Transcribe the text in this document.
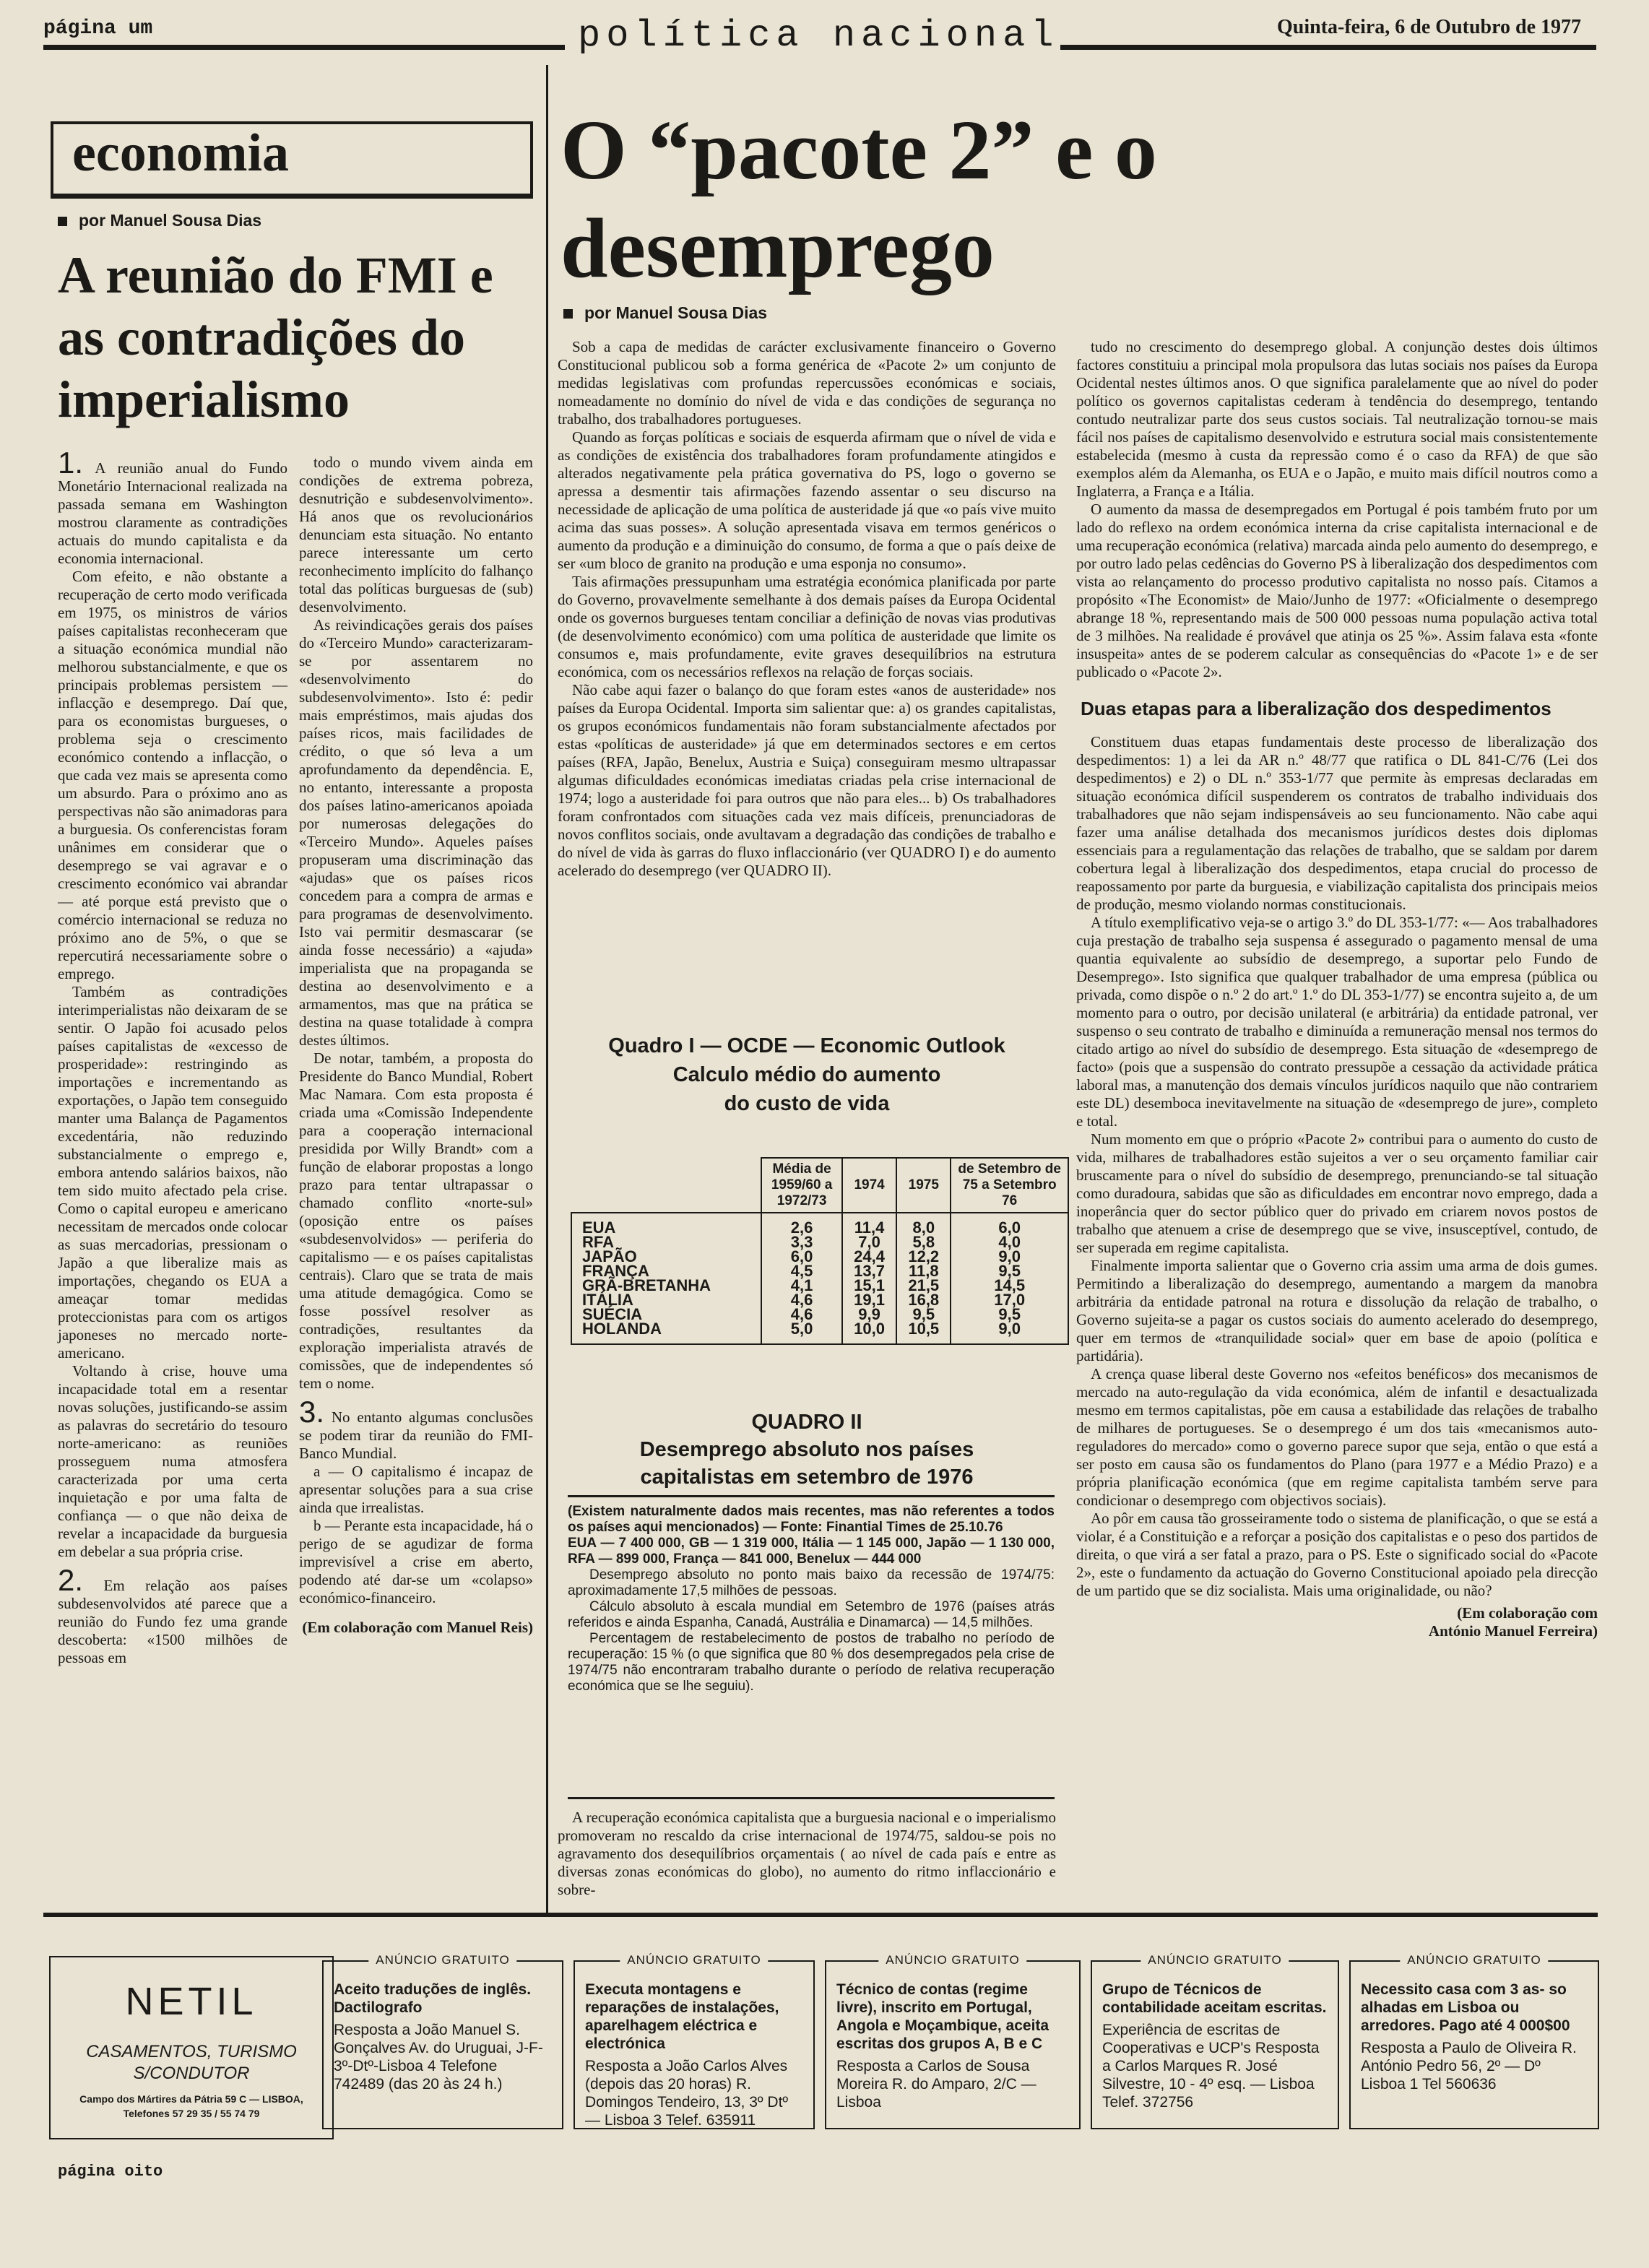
página um	política nacional	Quinta-feira, 6 de Outubro de 1977
economia
por Manuel Sousa Dias
A reunião do FMI e as contradições do imperialismo

1. A reunião anual do Fundo Monetário Internacional realizada na passada semana em Washington mostrou claramente as contradições actuais do mundo capitalista e da economia internacional.

Com efeito, e não obstante a recuperação de certo modo verificada em 1975, os ministros de vários países capitalistas reconheceram que a situação económica mundial não melhorou substancialmente, e que os principais problemas persistem — inflacção e desemprego. Daí que, para os economistas burgueses, o problema seja o crescimento económico contendo a inflacção, o que cada vez mais se apresenta como um absurdo. Para o próximo ano as perspectivas não são animadoras para a burguesia. Os conferencistas foram unânimes em considerar que o desemprego se vai agravar e o crescimento económico vai abrandar — até porque está previsto que o comércio internacional se reduza no próximo ano de 5%, o que se repercutirá necessariamente sobre o emprego.

Também as contradições interimperialistas não deixaram de se sentir. O Japão foi acusado pelos países capitalistas de «excesso de prosperidade»: restringindo as importações e incrementando as exportações, o Japão tem conseguido manter uma Balança de Pagamentos excedentária, não reduzindo substancialmente o emprego e, embora antendo salários baixos, não tem sido muito afectado pela crise. Como o capital europeu e americano necessitam de mercados onde colocar as suas mercadorias, pressionam o Japão a que liberalize mais as importações, chegando os EUA a ameaçar tomar medidas proteccionistas para com os artigos japoneses no mercado norte-americano.

Voltando à crise, houve uma incapacidade total em a resentar novas soluções, justificando-se assim as palavras do secretário do tesouro norte-americano: as reuniões prosseguem numa atmosfera caracterizada por uma certa inquietação e por uma falta de confiança — o que não deixa de revelar a incapacidade da burguesia em debelar a sua própria crise.

2. Em relação aos países subdesenvolvidos até parece que a reunião do Fundo fez uma grande descoberta: «1500 milhões de pessoas em

todo o mundo vivem ainda em condições de extrema pobreza, desnutrição e subdesenvolvimento». Há anos que os revolucionários denunciam esta situação. No entanto parece interessante um certo reconhecimento implícito do falhanço total das políticas burguesas de (sub) desenvolvimento.

As reivindicações gerais dos países do «Terceiro Mundo» caracterizaram-se por assentarem no «desenvolvimento do subdesenvolvimento». Isto é: pedir mais empréstimos, mais ajudas dos países ricos, mais facilidades de crédito, o que só leva a um aprofundamento da dependência. E, no entanto, interessante a proposta dos países latino-americanos apoiada por numerosas delegações do «Terceiro Mundo». Aqueles países propuseram uma discriminação das «ajudas» que os países ricos concedem para a compra de armas e para programas de desenvolvimento. Isto vai permitir desmascarar (se ainda fosse necessário) a «ajuda» imperialista que na propaganda se destina ao desenvolvimento e a armamentos, mas que na prática se destina na quase totalidade à compra destes últimos.

De notar, também, a proposta do Presidente do Banco Mundial, Robert Mac Namara. Com esta proposta é criada uma «Comissão Independente para a cooperação internacional presidida por Willy Brandt» com a função de elaborar propostas a longo prazo para tentar ultrapassar o chamado conflito «norte-sul» (oposição entre os países «subdesenvolvidos» — periferia do capitalismo — e os países capitalistas centrais). Claro que se trata de mais uma atitude demagógica. Como se fosse possível resolver as contradições, resultantes da exploração imperialista através de comissões, que de independentes só tem o nome.

3. No entanto algumas conclusões se podem tirar da reunião do FMI-Banco Mundial.

a — O capitalismo é incapaz de apresentar soluções para a sua crise ainda que irrealistas.

b — Perante esta incapacidade, há o perigo de se agudizar de forma imprevisível a crise em aberto, podendo até dar-se um «colapso» económico-financeiro.

(Em colaboração com Manuel Reis)

O “pacote 2” e o desemprego
por Manuel Sousa Dias

Sob a capa de medidas de carácter exclusivamente financeiro o Governo Constitucional publicou sob a forma genérica de «Pacote 2» um conjunto de medidas legislativas com profundas repercussões económicas e sociais, nomeadamente no domínio do nível de vida e das condições de segurança no trabalho, dos trabalhadores portugueses.

Quando as forças políticas e sociais de esquerda afirmam que o nível de vida e as condições de existência dos trabalhadores foram profundamente atingidos e alterados negativamente pela prática governativa do PS, logo o governo se apressa a desmentir tais afirmações fazendo assentar o seu discurso na necessidade de aplicação de uma política de austeridade já que «o país vive muito acima das suas posses». A solução apresentada visava em termos genéricos o aumento da produção e a diminuição do consumo, de forma a que o país deixe de ser «um bloco de granito na produção e uma esponja no consumo».

Tais afirmações pressupunham uma estratégia económica planificada por parte do Governo, provavelmente semelhante à dos demais países da Europa Ocidental onde os governos burgueses tentam conciliar a definição de novas vias produtivas (de desenvolvimento económico) com uma política de austeridade que limite os consumos e, mais profundamente, evite graves desequilíbrios na estrutura económica, com os necessários reflexos na relação de forças sociais.

Não cabe aqui fazer o balanço do que foram estes «anos de austeridade» nos países da Europa Ocidental. Importa sim salientar que: a) os grandes capitalistas, os grupos económicos fundamentais não foram substancialmente afectados por estas «políticas de austeridade» já que em determinados sectores e em certos países (RFA, Japão, Benelux, Austria e Suiça) conseguiram mesmo ultrapassar algumas dificuldades económicas imediatas criadas pela crise internacional de 1974; logo a austeridade foi para outros que não para eles... b) Os trabalhadores foram confrontados com situações cada vez mais difíceis, prenunciadoras de novos conflitos sociais, onde avultavam a degradação das condições de trabalho e do nível de vida às garras do fluxo inflaccionário (ver QUADRO I) e do aumento acelerado do desemprego (ver QUADRO II).

Quadro I — OCDE — Economic Outlook
Calculo médio do aumento
do custo de vida
	Média de 1959/60 a 1972/73	1974	1975	de Setembro de 75 a Setembro 76
EUA	2,6	11,4	8,0	6,0
RFA	3,3	7,0	5,8	4,0
JAPÃO	6,0	24,4	12,2	9,0
FRANÇA	4,5	13,7	11,8	9,5
GRÃ-BRETANHA	4,1	15,1	21,5	14,5
ITÁLIA	4,6	19,1	16,8	17,0
SUÉCIA	4,6	9,9	9,5	9,5
HOLANDA	5,0	10,0	10,5	9,0
QUADRO II
Desemprego absoluto nos países
capitalistas em setembro de 1976
(Existem naturalmente dados mais recentes, mas não referentes a todos os países aqui mencionados) — Fonte: Finantial Times de 25.10.76
EUA — 7 400 000, GB — 1 319 000, Itália — 1 145 000, Japão — 1 130 000, RFA — 899 000, França — 841 000, Benelux — 444 000
Desemprego absoluto no ponto mais baixo da recessão de 1974/75: aproximadamente 17,5 milhões de pessoas.
Cálculo absoluto à escala mundial em Setembro de 1976 (países atrás referidos e ainda Espanha, Canadá, Austrália e Dinamarca) — 14,5 milhões.
Percentagem de restabelecimento de postos de trabalho no período de recuperação: 15 % (o que significa que 80 % dos desempregados pela crise de 1974/75 não encontraram trabalho durante o período de relativa recuperação económica que se lhe seguiu).

A recuperação económica capitalista que a burguesia nacional e o imperialismo promoveram no rescaldo da crise internacional de 1974/75, saldou-se pois no agravamento dos desequilíbrios orçamentais ( ao nível de cada país e entre as diversas zonas económicas do globo), no aumento do ritmo inflaccionário e sobre-

tudo no crescimento do desemprego global. A conjunção destes dois últimos factores constituiu a principal mola propulsora das lutas sociais nos países da Europa Ocidental nestes últimos anos. O que significa paralelamente que ao nível do poder político os governos capitalistas cederam à tendência do desemprego, tentando contudo neutralizar parte dos seus custos sociais. Tal neutralização tornou-se mais fácil nos países de capitalismo desenvolvido e estrutura social mais consistentemente estabelecida (mesmo à custa da repressão como é o caso da RFA) de que são exemplos além da Alemanha, os EUA e o Japão, e muito mais difícil noutros como a Inglaterra, a França e a Itália.

O aumento da massa de desempregados em Portugal é pois também fruto por um lado do reflexo na ordem económica interna da crise capitalista internacional e de uma recuperação económica (relativa) marcada ainda pelo aumento do desemprego, e por outro lado pelas cedências do Governo PS à liberalização dos despedimentos com vista ao relançamento do processo produtivo capitalista no nosso país. Citamos a propósito «The Economist» de Maio/Junho de 1977: «Oficialmente o desemprego abrange 18 %, representando mais de 500 000 pessoas numa população activa total de 3 milhões. Na realidade é provável que atinja os 25 %». Assim falava esta «fonte insuspeita» antes de se poderem calcular as consequências do «Pacote 1» e de ser publicado o «Pacote 2».

Duas etapas para a liberalização dos despedimentos

Constituem duas etapas fundamentais deste processo de liberalização dos despedimentos: 1) a lei da AR n.º 48/77 que ratifica o DL 841-C/76 (Lei dos despedimentos) e 2) o DL n.º 353-1/77 que permite às empresas declaradas em situação económica difícil suspenderem os contratos de trabalho individuais dos trabalhadores que não sejam indispensáveis ao seu funcionamento. Não cabe aqui fazer uma análise detalhada dos mecanismos jurídicos destes dois diplomas essenciais para a regulamentação das relações de trabalho, que se saldam por darem cobertura legal à liberalização dos despedimentos, etapa crucial do processo de reapossamento por parte da burguesia, e viabilização capitalista dos principais meios de produção, mesmo violando normas constitucionais.

A título exemplificativo veja-se o artigo 3.º do DL 353-1/77: «— Aos trabalhadores cuja prestação de trabalho seja suspensa é assegurado o pagamento mensal de uma quantia equivalente ao subsídio de desemprego, a suportar pelo Fundo de Desemprego». Isto significa que qualquer trabalhador de uma empresa (pública ou privada, como dispõe o n.º 2 do art.º 1.º do DL 353-1/77) se encontra sujeito a, de um momento para o outro, por decisão unilateral (e arbitrária) da entidade patronal, ver suspenso o seu contrato de trabalho e diminuída a remuneração mensal nos termos do citado artigo ao nível do subsídio de desemprego. Esta situação de «desemprego de facto» (pois que a suspensão do contrato pressupõe a cessação da actividade prática laboral mas, a manutenção dos demais vínculos jurídicos naquilo que não contrariem este DL) desemboca inevitavelmente na situação de «desemprego de jure», completo e total.

Num momento em que o próprio «Pacote 2» contribui para o aumento do custo de vida, milhares de trabalhadores estão sujeitos a ver o seu orçamento familiar cair bruscamente para o nível do subsídio de desemprego, prenunciando-se tal situação como duradoura, sabidas que são as dificuldades em encontrar novo emprego, dada a inoperância quer do sector público quer do privado em criarem novos postos de trabalho que atenuem a crise de desemprego que se vive, insusceptível, contudo, de ser superada em regime capitalista.

Finalmente importa salientar que o Governo cria assim uma arma de dois gumes. Permitindo a liberalização do desemprego, aumentando a margem da manobra arbitrária da entidade patronal na rotura e dissolução da relação de trabalho, o Governo sujeita-se a pagar os custos sociais do aumento acelerado do desemprego, quer em termos de «tranquilidade social» quer em base de apoio (política e partidária).

A crença quase liberal deste Governo nos «efeitos benéficos» dos mecanismos de mercado na auto-regulação da vida económica, além de infantil e desactualizada mesmo em termos capitalistas, põe em causa a estabilidade das relações de trabalho de milhares de portugueses. Se o desemprego é um dos tais «mecanismos auto-reguladores do mercado» como o governo parece supor que seja, então o que está a ser posto em causa são os fundamentos do Plano (para 1977 e a Médio Prazo) e a própria planificação económica (que em regime capitalista também serve para condicionar o desemprego com objectivos sociais).

Ao pôr em causa tão grosseiramente todo o sistema de planificação, o que se está a violar, é a Constituição e a reforçar a posição dos capitalistas e o peso dos partidos de direita, o que virá a ser fatal a prazo, para o PS. Este o significado social do «Pacote 2», este o fundamento da actuação do Governo Constitucional apoiado pela direcção de um partido que se diz socialista. Mais uma originalidade, ou não?

(Em colaboração com
António Manuel Ferreira)
NETIL
CASAMENTOS, TURISMO
S/CONDUTOR
Campo dos Mártires da Pátria 59 C — LISBOA, Telefones 57 29 35 / 55 74 79
ANÚNCIO GRATUITO
Aceito traduções de inglês. Dactilografo
Resposta a João Manuel S. Gonçalves Av. do Uruguai, J-F-3º-Dtº-Lisboa 4 Telefone 742489 (das 20 às 24 h.)
ANÚNCIO GRATUITO
Executa montagens e reparações de instalações, aparelhagem eléctrica e electrónica
Resposta a João Carlos Alves (depois das 20 horas) R. Domingos Tendeiro, 13, 3º Dtº — Lisboa 3 Telef. 635911
ANÚNCIO GRATUITO
Técnico de contas (regime livre), inscrito em Portugal, Angola e Moçambique, aceita escritas dos grupos A, B e C
Resposta a Carlos de Sousa Moreira R. do Amparo, 2/C — Lisboa
ANÚNCIO GRATUITO
Grupo de Técnicos de contabilidade aceitam escritas.
Experiência de escritas de Cooperativas e UCP's Resposta a Carlos Marques R. José Silvestre, 10 - 4º esq. — Lisboa Telef. 372756
ANÚNCIO GRATUITO
Necessito casa com 3 as- so alhadas em Lisboa ou arredores. Pago até 4 000$00
Resposta a Paulo de Oliveira R. António Pedro 56, 2º — Dº Lisboa 1 Tel 560636
página oito
